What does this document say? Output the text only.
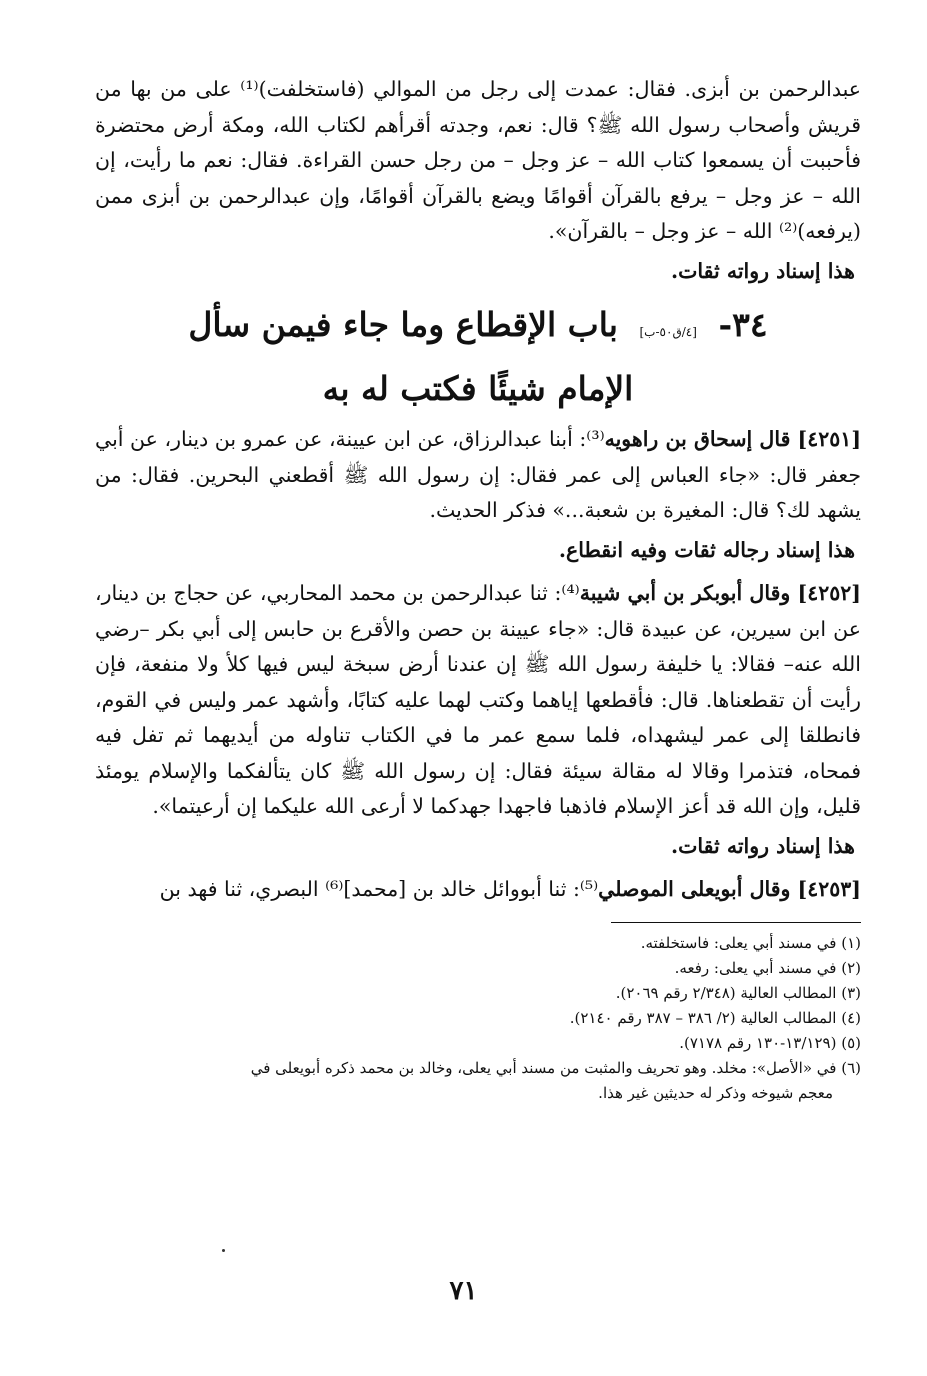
عبدالرحمن بن أبزى. فقال: عمدت إلى رجل من الموالي (فاستخلفت)⁽¹⁾ على من بها من قريش وأصحاب رسول الله ﷺ؟ قال: نعم، وجدته أقرأهم لكتاب الله، ومكة أرض محتضرة فأحببت أن يسمعوا كتاب الله – عز وجل – من رجل حسن القراءة. فقال: نعم ما رأيت، إن الله – عز وجل – يرفع بالقرآن أقوامًا ويضع بالقرآن أقوامًا، وإن عبدالرحمن بن أبزى ممن (يرفعه)⁽²⁾ الله – عز وجل – بالقرآن».

هذا إسناد رواته ثقات.
٣٤- [٤/ق٥٠-ب] باب الإقطاع وما جاء فيمن سأل
الإمام شيئًا فكتب له به

[٤٢٥١] قال إسحاق بن راهويه⁽³⁾: أبنا عبدالرزاق، عن ابن عيينة، عن عمرو بن دينار، عن أبي جعفر قال: «جاء العباس إلى عمر فقال: إن رسول الله ﷺ أقطعني البحرين. فقال: من يشهد لك؟ قال: المغيرة بن شعبة...» فذكر الحديث.

هذا إسناد رجاله ثقات وفيه انقطاع.

[٤٢٥٢] وقال أبوبكر بن أبي شيبة⁽⁴⁾: ثنا عبدالرحمن بن محمد المحاربي، عن حجاج بن دينار، عن ابن سيرين، عن عبيدة قال: «جاء عيينة بن حصن والأقرع بن حابس إلى أبي بكر –رضي الله عنه– فقالا: يا خليفة رسول الله ﷺ إن عندنا أرض سبخة ليس فيها كلأ ولا منفعة، فإن رأيت أن تقطعناها. قال: فأقطعها إياهما وكتب لهما عليه كتابًا، وأشهد عمر وليس في القوم، فانطلقا إلى عمر ليشهداه، فلما سمع عمر ما في الكتاب تناوله من أيديهما ثم تفل فيه فمحاه، فتذمرا وقالا له مقالة سيئة فقال: إن رسول الله ﷺ كان يتألفكما والإسلام يومئذ قليل، وإن الله قد أعز الإسلام فاذهبا فاجهدا جهدكما لا أرعى الله عليكما إن أرعيتما».

هذا إسناد رواته ثقات.

[٤٢٥٣] وقال أبويعلى الموصلي⁽⁵⁾: ثنا أبووائل خالد بن [محمد]⁽⁶⁾ البصري، ثنا فهد بن

(١) في مسند أبي يعلى: فاستخلفته.

(٢) في مسند أبي يعلى: رفعه.

(٣) المطالب العالية (٢/٣٤٨ رقم ٢٠٦٩).

(٤) المطالب العالية (٢/ ٣٨٦ – ٣٨٧ رقم ٢١٤٠).

(٥) (١٣/١٢٩-١٣٠ رقم ٧١٧٨).

(٦) في «الأصل»: مخلد. وهو تحريف والمثبت من مسند أبي يعلى، وخالد بن محمد ذكره أبويعلى في

معجم شيوخه وذكر له حديثين غير هذا.

٧١
